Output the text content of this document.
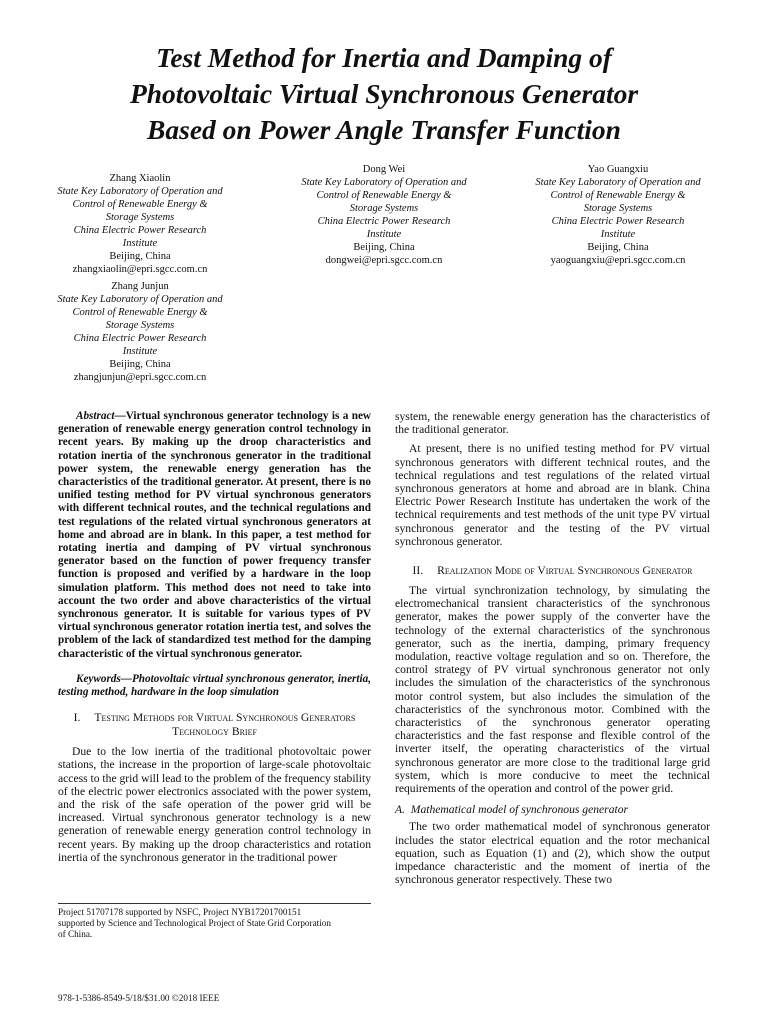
Test Method for Inertia and Damping of
Photovoltaic Virtual Synchronous Generator
Based on Power Angle Transfer Function
Zhang Xiaolin
State Key Laboratory of Operation and
Control of Renewable Energy &
Storage Systems
China Electric Power Research
Institute
Beijing, China
zhangxiaolin@epri.sgcc.com.cn
Dong Wei
State Key Laboratory of Operation and
Control of Renewable Energy &
Storage Systems
China Electric Power Research
Institute
Beijing, China
dongwei@epri.sgcc.com.cn
Yao Guangxiu
State Key Laboratory of Operation and
Control of Renewable Energy &
Storage Systems
China Electric Power Research
Institute
Beijing, China
yaoguangxiu@epri.sgcc.com.cn
Zhang Junjun
State Key Laboratory of Operation and
Control of Renewable Energy &
Storage Systems
China Electric Power Research
Institute
Beijing, China
zhangjunjun@epri.sgcc.com.cn

Abstract—Virtual synchronous generator technology is a new generation of renewable energy generation control technology in recent years. By making up the droop characteristics and rotation inertia of the synchronous generator in the traditional power system, the renewable energy generation has the characteristics of the traditional generator. At present, there is no unified testing method for PV virtual synchronous generators with different technical routes, and the technical regulations and test regulations of the related virtual synchronous generators at home and abroad are in blank. In this paper, a test method for rotating inertia and damping of PV virtual synchronous generator based on the function of power frequency transfer function is proposed and verified by a hardware in the loop simulation platform. This method does not need to take into account the two order and above characteristics of the virtual synchronous generator. It is suitable for various types of PV virtual synchronous generator rotation inertia test, and solves the problem of the lack of standardized test method for the damping characteristic of the virtual synchronous generator.

Keywords—Photovoltaic virtual synchronous generator, inertia, testing method, hardware in the loop simulation

I. Testing Methods for Virtual Synchronous Generators Technology Brief

Due to the low inertia of the traditional photovoltaic power stations, the increase in the proportion of large-scale photovoltaic access to the grid will lead to the problem of the frequency stability of the electric power electronics associated with the power system, and the risk of the safe operation of the power grid will be increased. Virtual synchronous generator technology is a new generation of renewable energy generation control technology in recent years. By making up the droop characteristics and rotation inertia of the synchronous generator in the traditional power

system, the renewable energy generation has the characteristics of the traditional generator.

At present, there is no unified testing method for PV virtual synchronous generators with different technical routes, and the technical regulations and test regulations of the related virtual synchronous generators at home and abroad are in blank. China Electric Power Research Institute has undertaken the work of the technical requirements and test methods of the unit type PV virtual synchronous generator and the testing of the PV virtual synchronous generator.

II. Realization Mode of Virtual Synchronous Generator

The virtual synchronization technology, by simulating the electromechanical transient characteristics of the synchronous generator, makes the power supply of the converter have the technology of the external characteristics of the synchronous generator, such as the inertia, damping, primary frequency modulation, reactive voltage regulation and so on. Therefore, the control strategy of PV virtual synchronous generator not only includes the simulation of the characteristics of the synchronous motor control system, but also includes the simulation of the characteristics of the synchronous motor. Combined with the characteristics of the synchronous generator operating characteristics and the fast response and flexible control of the inverter itself, the operating characteristics of the virtual synchronous generator are more close to the traditional large grid system, which is more conducive to meet the technical requirements of the operation and control of the power grid.

A. Mathematical model of synchronous generator

The two order mathematical model of synchronous generator includes the stator electrical equation and the rotor mechanical equation, such as Equation (1) and (2), which show the output impedance characteristic and the moment of inertia of the synchronous generator respectively. These two

Project 51707178 supported by NSFC, Project NYB17201700151
supported by Science and Technological Project of State Grid Corporation
of China.
978-1-5386-8549-5/18/$31.00 ©2018 IEEE
